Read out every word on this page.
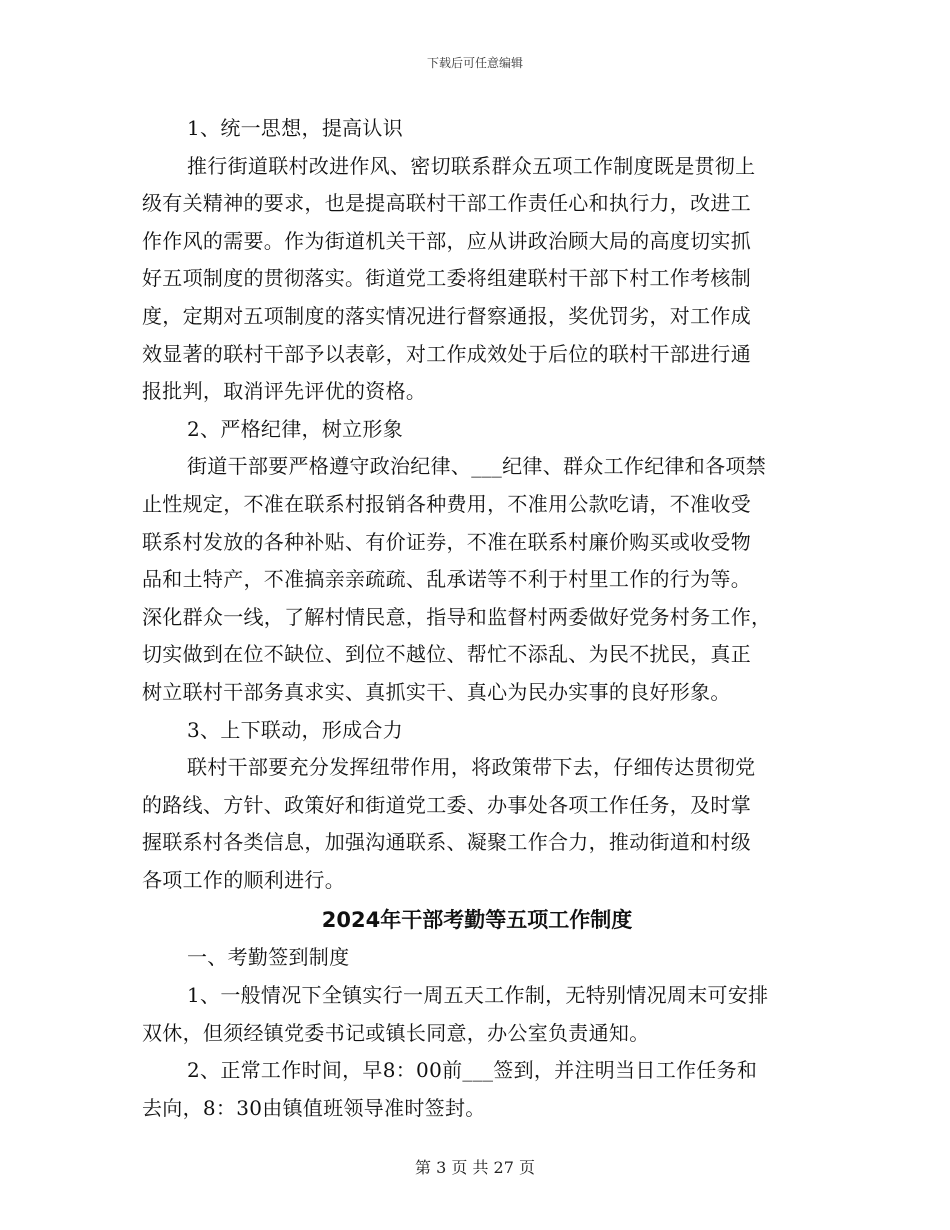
下载后可任意编辑
1、统一思想，提高认识
推行街道联村改进作风、密切联系群众五项工作制度既是贯彻上
级有关精神的要求，也是提高联村干部工作责任心和执行力，改进工
作作风的需要。作为街道机关干部，应从讲政治顾大局的高度切实抓
好五项制度的贯彻落实。街道党工委将组建联村干部下村工作考核制
度，定期对五项制度的落实情况进行督察通报，奖优罚劣，对工作成
效显著的联村干部予以表彰，对工作成效处于后位的联村干部进行通
报批判，取消评先评优的资格。
2、严格纪律，树立形象
街道干部要严格遵守政治纪律、___纪律、群众工作纪律和各项禁
止性规定，不准在联系村报销各种费用，不准用公款吃请，不准收受
联系村发放的各种补贴、有价证券，不准在联系村廉价购买或收受物
品和土特产，不准搞亲亲疏疏、乱承诺等不利于村里工作的行为等。
深化群众一线，了解村情民意，指导和监督村两委做好党务村务工作，
切实做到在位不缺位、到位不越位、帮忙不添乱、为民不扰民，真正
树立联村干部务真求实、真抓实干、真心为民办实事的良好形象。
3、上下联动，形成合力
联村干部要充分发挥纽带作用，将政策带下去，仔细传达贯彻党
的路线、方针、政策好和街道党工委、办事处各项工作任务，及时掌
握联系村各类信息，加强沟通联系、凝聚工作合力，推动街道和村级
各项工作的顺利进行。
2024年干部考勤等五项工作制度
一、考勤签到制度
1、一般情况下全镇实行一周五天工作制，无特别情况周末可安排
双休，但须经镇党委书记或镇长同意，办公室负责通知。
2、正常工作时间，早8：00前___签到，并注明当日工作任务和
去向，8：30由镇值班领导准时签封。
第 3 页 共 27 页
